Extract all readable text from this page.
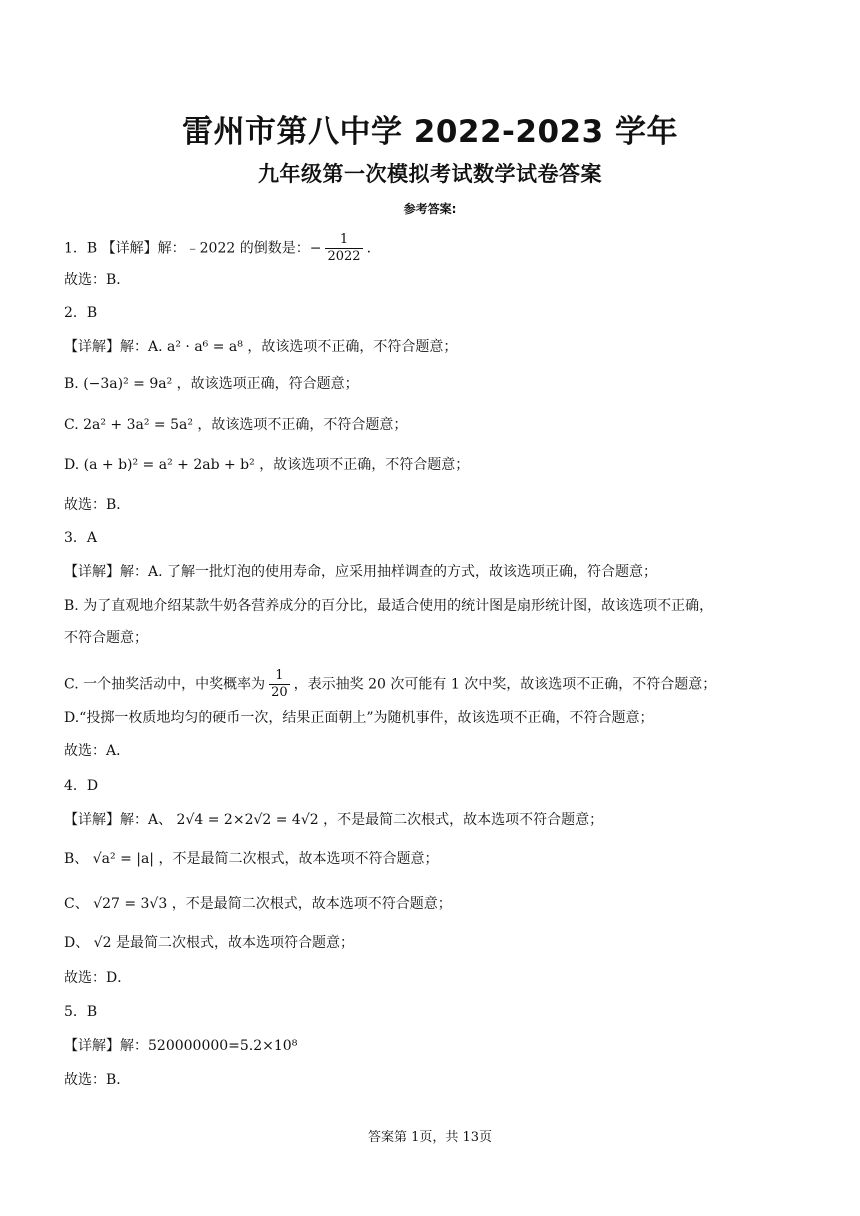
雷州市第八中学 2022-2023 学年
九年级第一次模拟考试数学试卷答案
参考答案:
1．B 【详解】解：﹣2022 的倒数是：− $\frac{1}{2022}$ .
故选：B．
2．B
【详解】解：A. a² · a⁶ = a⁸ ，故该选项不正确，不符合题意；
B. (−3a)² = 9a² ，故该选项正确，符合题意；
C. 2a² + 3a² = 5a² ，故该选项不正确，不符合题意；
D. (a + b)² = a² + 2ab + b² ，故该选项不正确，不符合题意；
故选：B．
3．A
【详解】解：A. 了解一批灯泡的使用寿命，应采用抽样调查的方式，故该选项正确，符合题意；
B. 为了直观地介绍某款牛奶各营养成分的百分比，最适合使用的统计图是扇形统计图，故该选项不正确，
不符合题意；
C. 一个抽奖活动中，中奖概率为 $\frac{1}{20}$ ，表示抽奖 20 次可能有 1 次中奖，故该选项不正确，不符合题意；
D.“投掷一枚质地均匀的硬币一次，结果正面朝上”为随机事件，故该选项不正确，不符合题意；
故选：A．
4．D
【详解】解：A、 2√4 = 2×2√2 = 4√2 ，不是最简二次根式，故本选项不符合题意；
B、 √a² = |a| ，不是最简二次根式，故本选项不符合题意；
C、 √27 = 3√3 ，不是最简二次根式，故本选项不符合题意；
D、 √2 是最简二次根式，故本选项符合题意；
故选：D．
5．B
【详解】解：520000000=5.2×10⁸
故选：B．
答案第 1页，共 13页
